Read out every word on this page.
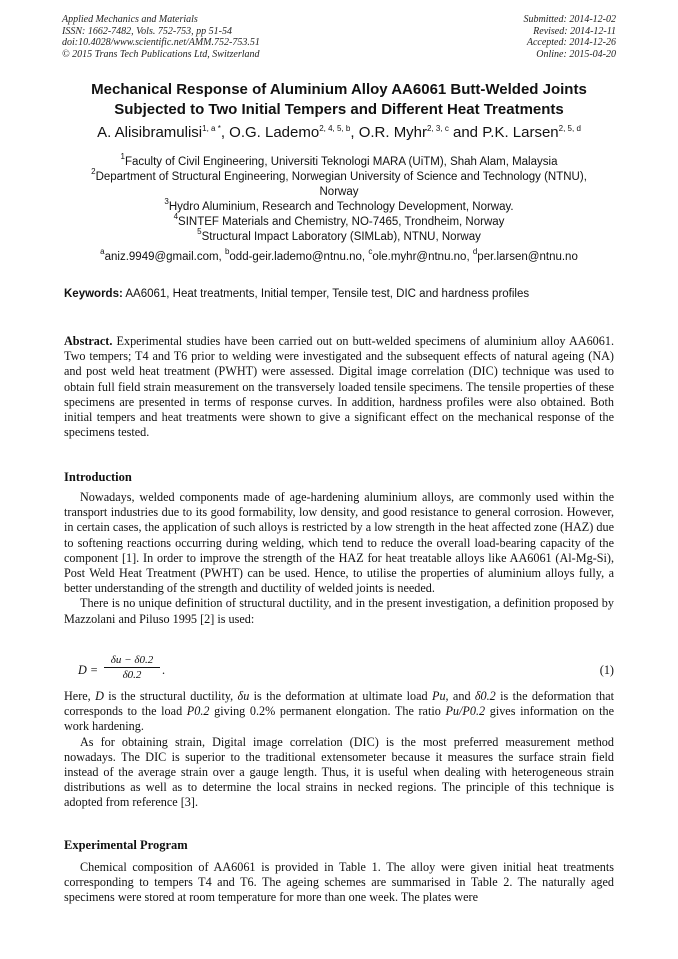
Applied Mechanics and Materials
ISSN: 1662-7482, Vols. 752-753, pp 51-54
doi:10.4028/www.scientific.net/AMM.752-753.51
© 2015 Trans Tech Publications Ltd, Switzerland
Submitted: 2014-12-02
Revised: 2014-12-11
Accepted: 2014-12-26
Online: 2015-04-20
Mechanical Response of Aluminium Alloy AA6061 Butt-Welded Joints
Subjected to Two Initial Tempers and Different Heat Treatments
A. Alisibramulisi$^{1, a *}$, O.G. Lademo$^{2, 4, 5, b}$, O.R. Myhr$^{2, 3, c}$ and P.K. Larsen$^{2, 5, d}$
$^1$Faculty of Civil Engineering, Universiti Teknologi MARA (UiTM), Shah Alam, Malaysia
$^2$Department of Structural Engineering, Norwegian University of Science and Technology (NTNU),
Norway
$^3$Hydro Aluminium, Research and Technology Development, Norway.
$^4$SINTEF Materials and Chemistry, NO-7465, Trondheim, Norway
$^5$Structural Impact Laboratory (SIMLab), NTNU, Norway
$^a$aniz.9949@gmail.com, $^b$odd-geir.lademo@ntnu.no, $^c$ole.myhr@ntnu.no, $^d$per.larsen@ntnu.no
Keywords: AA6061, Heat treatments, Initial temper, Tensile test, DIC and hardness profiles

Abstract. Experimental studies have been carried out on butt-welded specimens of aluminium alloy AA6061. Two tempers; T4 and T6 prior to welding were investigated and the subsequent effects of natural ageing (NA) and post weld heat treatment (PWHT) were assessed. Digital image correlation (DIC) technique was used to obtain full field strain measurement on the transversely loaded tensile specimens. The tensile properties of these specimens are presented in terms of response curves. In addition, hardness profiles were also obtained. Both initial tempers and heat treatments were shown to give a significant effect on the mechanical response of the specimens tested.

Introduction

Nowadays, welded components made of age-hardening aluminium alloys, are commonly used within the transport industries due to its good formability, low density, and good resistance to general corrosion. However, in certain cases, the application of such alloys is restricted by a low strength in the heat affected zone (HAZ) due to softening reactions occurring during welding, which tend to reduce the overall load-bearing capacity of the component [1]. In order to improve the strength of the HAZ for heat treatable alloys like AA6061 (Al-Mg-Si), Post Weld Heat Treatment (PWHT) can be used. Hence, to utilise the properties of aluminium alloys fully, a better understanding of the strength and ductility of welded joints is needed.

There is no unique definition of structural ductility, and in the present investigation, a definition proposed by Mazzolani and Piluso 1995 [2] is used:

$D = \frac{\delta u - \delta 0.2}{\delta 0.2}$ .	(1)

Here, D is the structural ductility, δu is the deformation at ultimate load Pu, and δ0.2 is the deformation that corresponds to the load P0.2 giving 0.2% permanent elongation. The ratio Pu/P0.2 gives information on the work hardening.

As for obtaining strain, Digital image correlation (DIC) is the most preferred measurement method nowadays. The DIC is superior to the traditional extensometer because it measures the surface strain field instead of the average strain over a gauge length. Thus, it is useful when dealing with heterogeneous strain distributions as well as to determine the local strains in necked regions. The principle of this technique is adopted from reference [3].

Experimental Program

Chemical composition of AA6061 is provided in Table 1. The alloy were given initial heat treatments corresponding to tempers T4 and T6. The ageing schemes are summarised in Table 2. The naturally aged specimens were stored at room temperature for more than one week. The plates were
